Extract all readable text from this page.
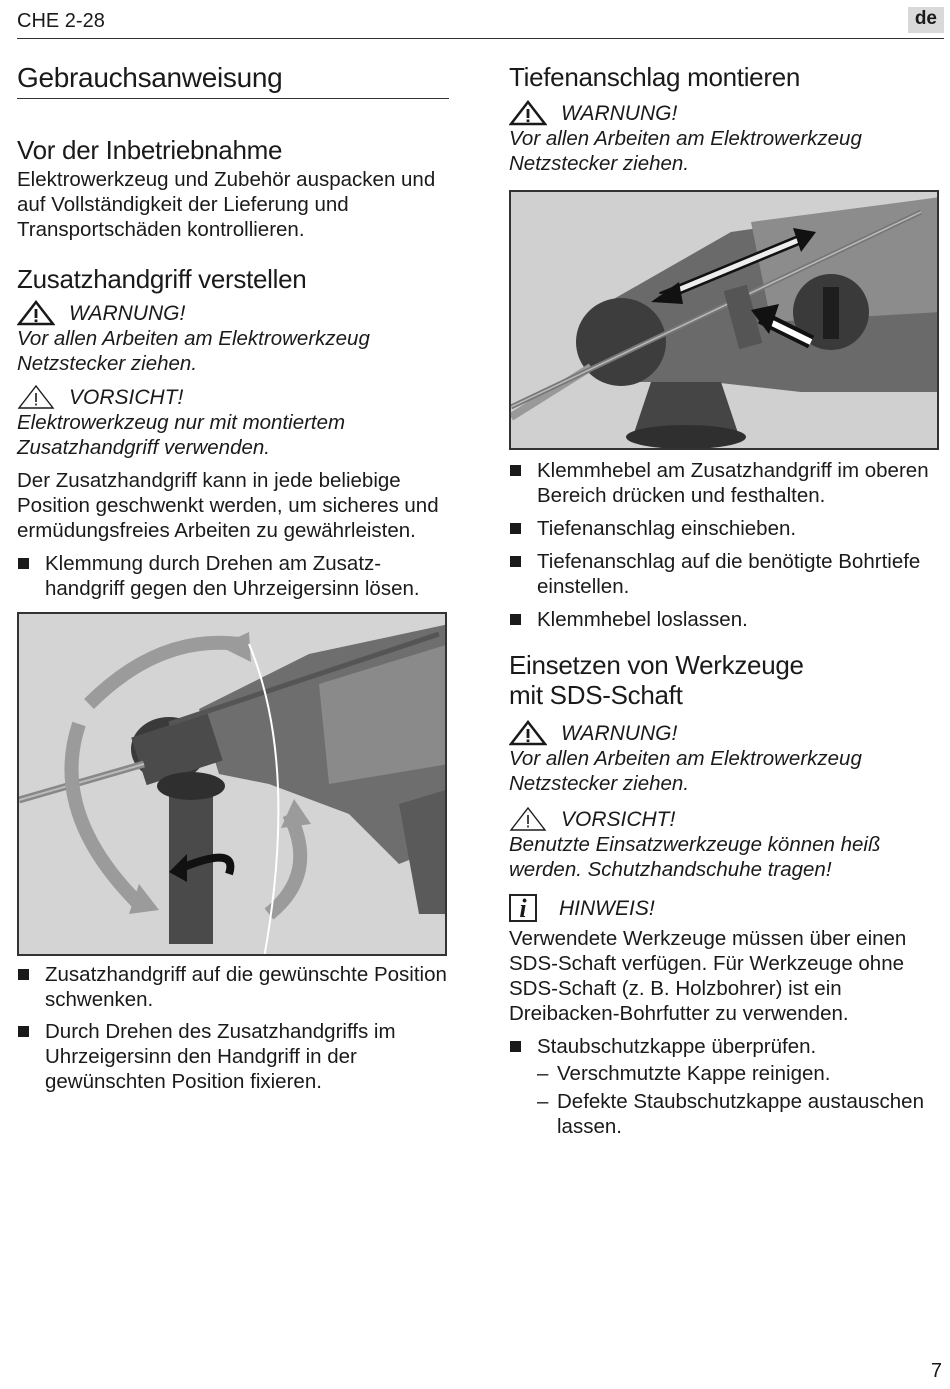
CHE 2-28	de
Gebrauchsanweisung
Vor der Inbetriebnahme

Elektrowerkzeug und Zubehör auspacken und auf Vollständigkeit der Lieferung und Transportschäden kontrollieren.

Zusatzhandgriff verstellen
WARNUNG!

Vor allen Arbeiten am Elektrowerkzeug Netzstecker ziehen.

VORSICHT!

Elektrowerkzeug nur mit montiertem Zusatzhandgriff verwenden.

Der Zusatzhandgriff kann in jede beliebige Position geschwenkt werden, um sicheres und ermüdungsfreies Arbeiten zu gewährleisten.

Klemmung durch Drehen am Zusatz-handgriff gegen den Uhrzeigersinn lösen.
Zusatzhandgriff auf die gewünschte Position schwenken.
Durch Drehen des Zusatzhandgriffs im Uhrzeigersinn den Handgriff in der gewünschten Position fixieren.
Tiefenanschlag montieren
WARNUNG!

Vor allen Arbeiten am Elektrowerkzeug Netzstecker ziehen.

Klemmhebel am Zusatzhandgriff im oberen Bereich drücken und festhalten.
Tiefenanschlag einschieben.
Tiefenanschlag auf die benötigte Bohrtiefe einstellen.
Klemmhebel loslassen.
Einsetzen von Werkzeuge
mit SDS-Schaft
WARNUNG!

Vor allen Arbeiten am Elektrowerkzeug Netzstecker ziehen.

VORSICHT!

Benutzte Einsatzwerkzeuge können heiß werden. Schutzhandschuhe tragen!

i	HINWEIS!

Verwendete Werkzeuge müssen über einen SDS-Schaft verfügen. Für Werkzeuge ohne SDS-Schaft (z. B. Holzbohrer) ist ein Dreibacken-Bohrfutter zu verwenden.

Staubschutzkappe überprüfen.
– Verschmutzte Kappe reinigen.
– Defekte Staubschutzkappe austauschen lassen.
7
